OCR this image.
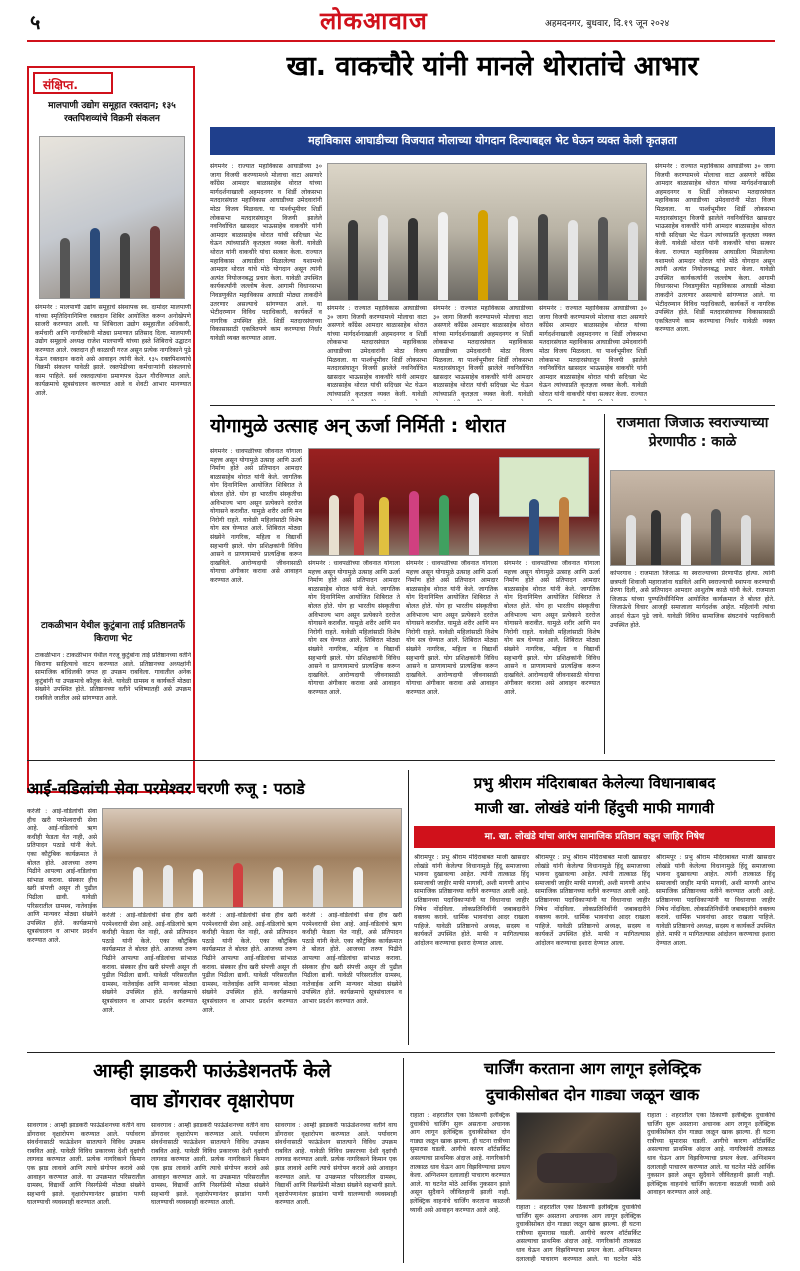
५	लोकआवाज	अहमदनगर, बुधवार, दि.१९ जून २०२४
संक्षिप्त.
मालपाणी उद्योग समूहात रक्तदान; १३५ रक्तपिशव्यांचे विक्रमी संकलन
संगमनेर : मालपाणी उद्योग समूहाचे संस्थापक स्व. दामोदर मालपाणी यांच्या स्मृतिदिनानिमित्त रक्तदान शिबिर आयोजित करून अनोखेपणे साजरी करण्यात आली. या शिबिराला उद्योग समूहातील अधिकारी, कर्मचारी आणि नागरिकांनी मोठ्या प्रमाणात प्रतिसाद दिला. मालपाणी उद्योग समूहाचे अध्यक्ष राजेश मालपाणी यांच्या हस्ते शिबिराचे उद्घाटन करण्यात आले. रक्तदान ही काळाची गरज असून प्रत्येक नागरिकाने पुढे येऊन रक्तदान करावे असे आवाहन त्यांनी केले. १३५ रक्तपिशव्यांचे विक्रमी संकलन यावेळी झाले. रक्तपेढीच्या कर्मचाऱ्यांनी संकलनाचे काम पाहिले. सर्व रक्तदात्यांना प्रमाणपत्र देऊन गौरविण्यात आले. कार्यक्रमाचे सूत्रसंचालन करण्यात आले व शेवटी आभार मानण्यात आले.
टाकळीभान येथील कुटुंबाना ताई प्रतिष्ठानतर्फे किराणा भेट
टाकळीभान : टाकळीभान येथील गरजू कुटुंबांना ताई प्रतिष्ठानच्या वतीने किराणा साहित्याचे वाटप करण्यात आले. प्रतिष्ठानच्या अध्यक्षांनी सामाजिक बांधिलकी जपत हा उपक्रम राबविला. गावातील अनेक कुटुंबांनी या उपक्रमाचे कौतुक केले. यावेळी ग्रामस्थ व कार्यकर्ते मोठ्या संख्येने उपस्थित होते. प्रतिष्ठानच्या वतीने भविष्यातही असे उपक्रम राबविले जातील असे सांगण्यात आले.
खा. वाकचौरे यांनी मानले थोरातांचे आभार
महाविकास आघाडीच्या विजयात मोलाच्या योगदान दिल्याबद्दल भेट घेऊन व्यक्त केली कृतज्ञता
संगमनेर : राज्यात महाविकास आघाडीच्या ३० जागा विजयी करण्यामध्ये मोलाचा वाटा असणारे काँग्रेस आमदार बाळासाहेब थोरात यांच्या मार्गदर्शनाखाली अहमदनगर व शिर्डी लोकसभा मतदारसंघात महाविकास आघाडीच्या उमेदवारांनी मोठा विजय मिळवला. या पार्श्वभूमीवर शिर्डी लोकसभा मतदारसंघातून विजयी झालेले नवनिर्वाचित खासदार भाऊसाहेब वाकचौरे यांनी आमदार बाळासाहेब थोरात यांची सदिच्छा भेट घेऊन त्यांच्याप्रति कृतज्ञता व्यक्त केली. यावेळी थोरात यांनी वाकचौरे यांचा सत्कार केला. राज्यात महाविकास आघाडीला मिळालेल्या यशामध्ये आमदार थोरात यांचे मोठे योगदान असून त्यांनी अत्यंत नियोजनबद्ध प्रचार केला. यावेळी उपस्थित कार्यकर्त्यांनी जल्लोष केला. आगामी विधानसभा निवडणुकीत महाविकास आघाडी मोठ्या ताकदीने उतरणार असल्याचे सांगण्यात आले. या भेटीदरम्यान विविध पदाधिकारी, कार्यकर्ते व नागरिक उपस्थित होते. शिर्डी मतदारसंघाच्या विकासासाठी एकत्रितपणे काम करण्याचा निर्धार यावेळी व्यक्त करण्यात आला.
संगमनेर : राज्यात महाविकास आघाडीच्या ३० जागा विजयी करण्यामध्ये मोलाचा वाटा असणारे काँग्रेस आमदार बाळासाहेब थोरात यांच्या मार्गदर्शनाखाली अहमदनगर व शिर्डी लोकसभा मतदारसंघात महाविकास आघाडीच्या उमेदवारांनी मोठा विजय मिळवला. या पार्श्वभूमीवर शिर्डी लोकसभा मतदारसंघातून विजयी झालेले नवनिर्वाचित खासदार भाऊसाहेब वाकचौरे यांनी आमदार बाळासाहेब थोरात यांची सदिच्छा भेट घेऊन त्यांच्याप्रति कृतज्ञता व्यक्त केली. यावेळी
संगमनेर : राज्यात महाविकास आघाडीच्या ३० जागा विजयी करण्यामध्ये मोलाचा वाटा असणारे काँग्रेस आमदार बाळासाहेब थोरात यांच्या मार्गदर्शनाखाली अहमदनगर व शिर्डी लोकसभा मतदारसंघात महाविकास आघाडीच्या उमेदवारांनी मोठा विजय मिळवला. या पार्श्वभूमीवर शिर्डी लोकसभा मतदारसंघातून विजयी झालेले नवनिर्वाचित खासदार भाऊसाहेब वाकचौरे यांनी आमदार बाळासाहेब थोरात यांची सदिच्छा भेट घेऊन त्यांच्याप्रति कृतज्ञता व्यक्त केली. यावेळी
संगमनेर : राज्यात महाविकास आघाडीच्या ३० जागा विजयी करण्यामध्ये मोलाचा वाटा असणारे काँग्रेस आमदार बाळासाहेब थोरात यांच्या मार्गदर्शनाखाली अहमदनगर व शिर्डी लोकसभा मतदारसंघात महाविकास आघाडीच्या उमेदवारांनी मोठा विजय मिळवला. या पार्श्वभूमीवर शिर्डी लोकसभा मतदारसंघातून विजयी झालेले नवनिर्वाचित खासदार भाऊसाहेब वाकचौरे यांनी आमदार बाळासाहेब थोरात यांची सदिच्छा भेट घेऊन त्यांच्याप्रति कृतज्ञता व्यक्त केली. यावेळी थोरात यांनी वाकचौरे यांचा सत्कार केला. राज्यात
संगमनेर : राज्यात महाविकास आघाडीच्या ३० जागा विजयी करण्यामध्ये मोलाचा वाटा असणारे काँग्रेस आमदार बाळासाहेब थोरात यांच्या मार्गदर्शनाखाली अहमदनगर व शिर्डी लोकसभा मतदारसंघात महाविकास आघाडीच्या उमेदवारांनी मोठा विजय मिळवला. या पार्श्वभूमीवर शिर्डी लोकसभा मतदारसंघातून विजयी झालेले नवनिर्वाचित खासदार भाऊसाहेब वाकचौरे यांनी आमदार बाळासाहेब थोरात यांची सदिच्छा भेट घेऊन त्यांच्याप्रति कृतज्ञता व्यक्त केली. यावेळी थोरात यांनी वाकचौरे यांचा सत्कार केला. राज्यात महाविकास आघाडीला मिळालेल्या यशामध्ये आमदार थोरात यांचे मोठे योगदान असून त्यांनी अत्यंत नियोजनबद्ध प्रचार केला. यावेळी उपस्थित कार्यकर्त्यांनी जल्लोष केला. आगामी विधानसभा निवडणुकीत महाविकास आघाडी मोठ्या ताकदीने उतरणार असल्याचे सांगण्यात आले. या भेटीदरम्यान विविध पदाधिकारी, कार्यकर्ते व नागरिक उपस्थित होते. शिर्डी मतदारसंघाच्या विकासासाठी एकत्रितपणे काम करण्याचा निर्धार यावेळी व्यक्त करण्यात आला.
योगामुळे उत्साह अन् ऊर्जा निर्मिती : थोरात
संगमनेर : धावपळीच्या जीवनात योगाला महत्त्व असून योगामुळे उत्साह आणि ऊर्जा निर्माण होते असे प्रतिपादन आमदार बाळासाहेब थोरात यांनी केले. जागतिक योग दिनानिमित्त आयोजित शिबिरात ते बोलत होते. योग हा भारतीय संस्कृतीचा अविभाज्य भाग असून प्रत्येकाने दररोज योगासने करावीत. यामुळे शरीर आणि मन निरोगी राहते. यावेळी महिलांसाठी विशेष योग सत्र घेण्यात आले. शिबिरात मोठ्या संख्येने नागरिक, महिला व विद्यार्थी सहभागी झाले. योग प्रशिक्षकांनी विविध आसने व प्राणायामाचे प्रात्यक्षिक करून दाखविले. आरोग्यदायी जीवनासाठी योगाचा अंगीकार करावा असे आवाहन करण्यात आले.
संगमनेर : धावपळीच्या जीवनात योगाला महत्त्व असून योगामुळे उत्साह आणि ऊर्जा निर्माण होते असे प्रतिपादन आमदार बाळासाहेब थोरात यांनी केले. जागतिक योग दिनानिमित्त आयोजित शिबिरात ते बोलत होते. योग हा भारतीय संस्कृतीचा अविभाज्य भाग असून प्रत्येकाने दररोज योगासने करावीत. यामुळे शरीर आणि मन निरोगी राहते. यावेळी महिलांसाठी विशेष योग सत्र घेण्यात आले. शिबिरात मोठ्या संख्येने नागरिक, महिला व विद्यार्थी सहभागी झाले. योग प्रशिक्षकांनी विविध आसने व प्राणायामाचे प्रात्यक्षिक करून दाखविले. आरोग्यदायी जीवनासाठी योगाचा अंगीकार करावा असे आवाहन करण्यात आले.
संगमनेर : धावपळीच्या जीवनात योगाला महत्त्व असून योगामुळे उत्साह आणि ऊर्जा निर्माण होते असे प्रतिपादन आमदार बाळासाहेब थोरात यांनी केले. जागतिक योग दिनानिमित्त आयोजित शिबिरात ते बोलत होते. योग हा भारतीय संस्कृतीचा अविभाज्य भाग असून प्रत्येकाने दररोज योगासने करावीत. यामुळे शरीर आणि मन निरोगी राहते. यावेळी महिलांसाठी विशेष योग सत्र घेण्यात आले. शिबिरात मोठ्या संख्येने नागरिक, महिला व विद्यार्थी सहभागी झाले. योग प्रशिक्षकांनी विविध आसने व प्राणायामाचे प्रात्यक्षिक करून दाखविले. आरोग्यदायी जीवनासाठी योगाचा अंगीकार करावा असे आवाहन करण्यात आले.
संगमनेर : धावपळीच्या जीवनात योगाला महत्त्व असून योगामुळे उत्साह आणि ऊर्जा निर्माण होते असे प्रतिपादन आमदार बाळासाहेब थोरात यांनी केले. जागतिक योग दिनानिमित्त आयोजित शिबिरात ते बोलत होते. योग हा भारतीय संस्कृतीचा अविभाज्य भाग असून प्रत्येकाने दररोज योगासने करावीत. यामुळे शरीर आणि मन निरोगी राहते. यावेळी महिलांसाठी विशेष योग सत्र घेण्यात आले. शिबिरात मोठ्या संख्येने नागरिक, महिला व विद्यार्थी सहभागी झाले. योग प्रशिक्षकांनी विविध आसने व प्राणायामाचे प्रात्यक्षिक करून दाखविले. आरोग्यदायी जीवनासाठी योगाचा अंगीकार करावा असे आवाहन करण्यात आले.
राजमाता जिजाऊ स्वराज्याच्या प्रेरणापीठ : काळे
कोपरगाव : राजमाता जिजाऊ या स्वराज्याच्या प्रेरणापीठ होत्या. त्यांनी छत्रपती शिवाजी महाराजांना घडविले आणि स्वराज्याची स्थापना करण्याची प्रेरणा दिली, असे प्रतिपादन आमदार आशुतोष काळे यांनी केले. राजमाता जिजाऊ यांच्या पुण्यतिथीनिमित्त आयोजित कार्यक्रमात ते बोलत होते. जिजाऊंचे विचार आजही समाजाला मार्गदर्शक आहेत. महिलांनी त्यांचा आदर्श घेऊन पुढे जावे. यावेळी विविध सामाजिक संघटनांचे पदाधिकारी उपस्थित होते.
आई-वडिलांची सेवा परमेश्वर चरणी रुजू : पठाडे
करंजी : आई-वडिलांची सेवा हीच खरी परमेश्वराची सेवा आहे. आई-वडिलांचे ऋण कधीही फेडता येत नाही, असे प्रतिपादन पठाडे यांनी केले. एका कौटुंबिक कार्यक्रमात ते बोलत होते. आजच्या तरुण पिढीने आपल्या आई-वडिलांचा सांभाळ करावा. संस्कार हीच खरी संपत्ती असून ती पुढील पिढीला द्यावी. यावेळी परिसरातील ग्रामस्थ, नातेवाईक आणि मान्यवर मोठ्या संख्येने उपस्थित होते. कार्यक्रमाचे सूत्रसंचालन व आभार प्रदर्शन करण्यात आले.
करंजी : आई-वडिलांची सेवा हीच खरी परमेश्वराची सेवा आहे. आई-वडिलांचे ऋण कधीही फेडता येत नाही, असे प्रतिपादन पठाडे यांनी केले. एका कौटुंबिक कार्यक्रमात ते बोलत होते. आजच्या तरुण पिढीने आपल्या आई-वडिलांचा सांभाळ करावा. संस्कार हीच खरी संपत्ती असून ती पुढील पिढीला द्यावी. यावेळी परिसरातील ग्रामस्थ, नातेवाईक आणि मान्यवर मोठ्या संख्येने उपस्थित होते. कार्यक्रमाचे सूत्रसंचालन व आभार प्रदर्शन करण्यात आले.
करंजी : आई-वडिलांची सेवा हीच खरी परमेश्वराची सेवा आहे. आई-वडिलांचे ऋण कधीही फेडता येत नाही, असे प्रतिपादन पठाडे यांनी केले. एका कौटुंबिक कार्यक्रमात ते बोलत होते. आजच्या तरुण पिढीने आपल्या आई-वडिलांचा सांभाळ करावा. संस्कार हीच खरी संपत्ती असून ती पुढील पिढीला द्यावी. यावेळी परिसरातील ग्रामस्थ, नातेवाईक आणि मान्यवर मोठ्या संख्येने उपस्थित होते. कार्यक्रमाचे सूत्रसंचालन व आभार प्रदर्शन करण्यात आले.
करंजी : आई-वडिलांची सेवा हीच खरी परमेश्वराची सेवा आहे. आई-वडिलांचे ऋण कधीही फेडता येत नाही, असे प्रतिपादन पठाडे यांनी केले. एका कौटुंबिक कार्यक्रमात ते बोलत होते. आजच्या तरुण पिढीने आपल्या आई-वडिलांचा सांभाळ करावा. संस्कार हीच खरी संपत्ती असून ती पुढील पिढीला द्यावी. यावेळी परिसरातील ग्रामस्थ, नातेवाईक आणि मान्यवर मोठ्या संख्येने उपस्थित होते. कार्यक्रमाचे सूत्रसंचालन व आभार प्रदर्शन करण्यात आले.
प्रभु श्रीराम मंदिराबाबत केलेल्या विधानाबाबद
माजी खा. लोखंडे यांनी हिंदुची माफी मागावी
मा. खा. लोखंडे यांचा आरंभ सामाजिक प्रतिष्ठान कडून जाहिर निषेध
श्रीरामपूर : प्रभु श्रीराम मंदिराबाबत माजी खासदार लोखंडे यांनी केलेल्या विधानामुळे हिंदू समाजाच्या भावना दुखावल्या आहेत. त्यांनी तात्काळ हिंदू समाजाची जाहीर माफी मागावी, अशी मागणी आरंभ सामाजिक प्रतिष्ठानच्या वतीने करण्यात आली आहे. प्रतिष्ठानच्या पदाधिकाऱ्यांनी या विधानाचा जाहीर निषेध नोंदविला. लोकप्रतिनिधींनी जबाबदारीने वक्तव्य करावे. धार्मिक भावनांचा आदर राखला पाहिजे. यावेळी प्रतिष्ठानचे अध्यक्ष, सदस्य व कार्यकर्ते उपस्थित होते. माफी न मागितल्यास आंदोलन करण्याचा इशारा देण्यात आला.
श्रीरामपूर : प्रभु श्रीराम मंदिराबाबत माजी खासदार लोखंडे यांनी केलेल्या विधानामुळे हिंदू समाजाच्या भावना दुखावल्या आहेत. त्यांनी तात्काळ हिंदू समाजाची जाहीर माफी मागावी, अशी मागणी आरंभ सामाजिक प्रतिष्ठानच्या वतीने करण्यात आली आहे. प्रतिष्ठानच्या पदाधिकाऱ्यांनी या विधानाचा जाहीर निषेध नोंदविला. लोकप्रतिनिधींनी जबाबदारीने वक्तव्य करावे. धार्मिक भावनांचा आदर राखला पाहिजे. यावेळी प्रतिष्ठानचे अध्यक्ष, सदस्य व कार्यकर्ते उपस्थित होते. माफी न मागितल्यास आंदोलन करण्याचा इशारा देण्यात आला.
श्रीरामपूर : प्रभु श्रीराम मंदिराबाबत माजी खासदार लोखंडे यांनी केलेल्या विधानामुळे हिंदू समाजाच्या भावना दुखावल्या आहेत. त्यांनी तात्काळ हिंदू समाजाची जाहीर माफी मागावी, अशी मागणी आरंभ सामाजिक प्रतिष्ठानच्या वतीने करण्यात आली आहे. प्रतिष्ठानच्या पदाधिकाऱ्यांनी या विधानाचा जाहीर निषेध नोंदविला. लोकप्रतिनिधींनी जबाबदारीने वक्तव्य करावे. धार्मिक भावनांचा आदर राखला पाहिजे. यावेळी प्रतिष्ठानचे अध्यक्ष, सदस्य व कार्यकर्ते उपस्थित होते. माफी न मागितल्यास आंदोलन करण्याचा इशारा देण्यात आला.
आम्ही झाडकरी फाऊंडेशनतर्फे केले
वाघ डोंगरावर वृक्षारोपण
सावरगाव : आम्ही झाडकरी फाऊंडेशनच्या वतीने वाघ डोंगरावर वृक्षारोपण करण्यात आले. पर्यावरण संवर्धनासाठी फाऊंडेशन सातत्याने विविध उपक्रम राबवित आहे. यावेळी विविध प्रकारच्या देशी वृक्षांची लागवड करण्यात आली. प्रत्येक नागरिकाने किमान एक झाड लावावे आणि त्याचे संगोपन करावे असे आवाहन करण्यात आले. या उपक्रमात परिसरातील ग्रामस्थ, विद्यार्थी आणि निसर्गप्रेमी मोठ्या संख्येने सहभागी झाले. वृक्षारोपणानंतर झाडांना पाणी घालण्याची व्यवस्थाही करण्यात आली.
सावरगाव : आम्ही झाडकरी फाऊंडेशनच्या वतीने वाघ डोंगरावर वृक्षारोपण करण्यात आले. पर्यावरण संवर्धनासाठी फाऊंडेशन सातत्याने विविध उपक्रम राबवित आहे. यावेळी विविध प्रकारच्या देशी वृक्षांची लागवड करण्यात आली. प्रत्येक नागरिकाने किमान एक झाड लावावे आणि त्याचे संगोपन करावे असे आवाहन करण्यात आले. या उपक्रमात परिसरातील ग्रामस्थ, विद्यार्थी आणि निसर्गप्रेमी मोठ्या संख्येने सहभागी झाले. वृक्षारोपणानंतर झाडांना पाणी घालण्याची व्यवस्थाही करण्यात आली.
सावरगाव : आम्ही झाडकरी फाऊंडेशनच्या वतीने वाघ डोंगरावर वृक्षारोपण करण्यात आले. पर्यावरण संवर्धनासाठी फाऊंडेशन सातत्याने विविध उपक्रम राबवित आहे. यावेळी विविध प्रकारच्या देशी वृक्षांची लागवड करण्यात आली. प्रत्येक नागरिकाने किमान एक झाड लावावे आणि त्याचे संगोपन करावे असे आवाहन करण्यात आले. या उपक्रमात परिसरातील ग्रामस्थ, विद्यार्थी आणि निसर्गप्रेमी मोठ्या संख्येने सहभागी झाले. वृक्षारोपणानंतर झाडांना पाणी घालण्याची व्यवस्थाही करण्यात आली.
चार्जिंग करताना आग लागून इलेक्ट्रिक
दुचाकीसोबत दोन गाड्या जळून खाक
राहाता : शहरातील एका ठिकाणी इलेक्ट्रिक दुचाकीचे चार्जिंग सुरू असताना अचानक आग लागून इलेक्ट्रिक दुचाकीसोबत दोन गाड्या जळून खाक झाल्या. ही घटना रात्रीच्या सुमारास घडली. आगीचे कारण शॉर्टसर्किट असल्याचा प्राथमिक अंदाज आहे. नागरिकांनी तात्काळ धाव घेऊन आग विझविण्याचा प्रयत्न केला. अग्निशमन दलालाही पाचारण करण्यात आले. या घटनेत मोठे आर्थिक नुकसान झाले असून सुदैवाने जीवितहानी झाली नाही. इलेक्ट्रिक वाहनांचे चार्जिंग करताना काळजी घ्यावी असे आवाहन करण्यात आले आहे.	राहाता : शहरातील एका ठिकाणी इलेक्ट्रिक दुचाकीचे चार्जिंग सुरू असताना अचानक आग लागून इलेक्ट्रिक दुचाकीसोबत दोन गाड्या जळून खाक झाल्या. ही घटना रात्रीच्या सुमारास घडली. आगीचे कारण शॉर्टसर्किट असल्याचा प्राथमिक अंदाज आहे. नागरिकांनी तात्काळ धाव घेऊन आग विझविण्याचा प्रयत्न केला. अग्निशमन दलालाही पाचारण करण्यात आले. या घटनेत मोठे
राहाता : शहरातील एका ठिकाणी इलेक्ट्रिक दुचाकीचे चार्जिंग सुरू असताना अचानक आग लागून इलेक्ट्रिक दुचाकीसोबत दोन गाड्या जळून खाक झाल्या. ही घटना रात्रीच्या सुमारास घडली. आगीचे कारण शॉर्टसर्किट असल्याचा प्राथमिक अंदाज आहे. नागरिकांनी तात्काळ धाव घेऊन आग विझविण्याचा प्रयत्न केला. अग्निशमन दलालाही पाचारण करण्यात आले. या घटनेत मोठे आर्थिक नुकसान झाले असून सुदैवाने जीवितहानी झाली नाही. इलेक्ट्रिक वाहनांचे चार्जिंग करताना काळजी घ्यावी असे आवाहन करण्यात आले आहे.
